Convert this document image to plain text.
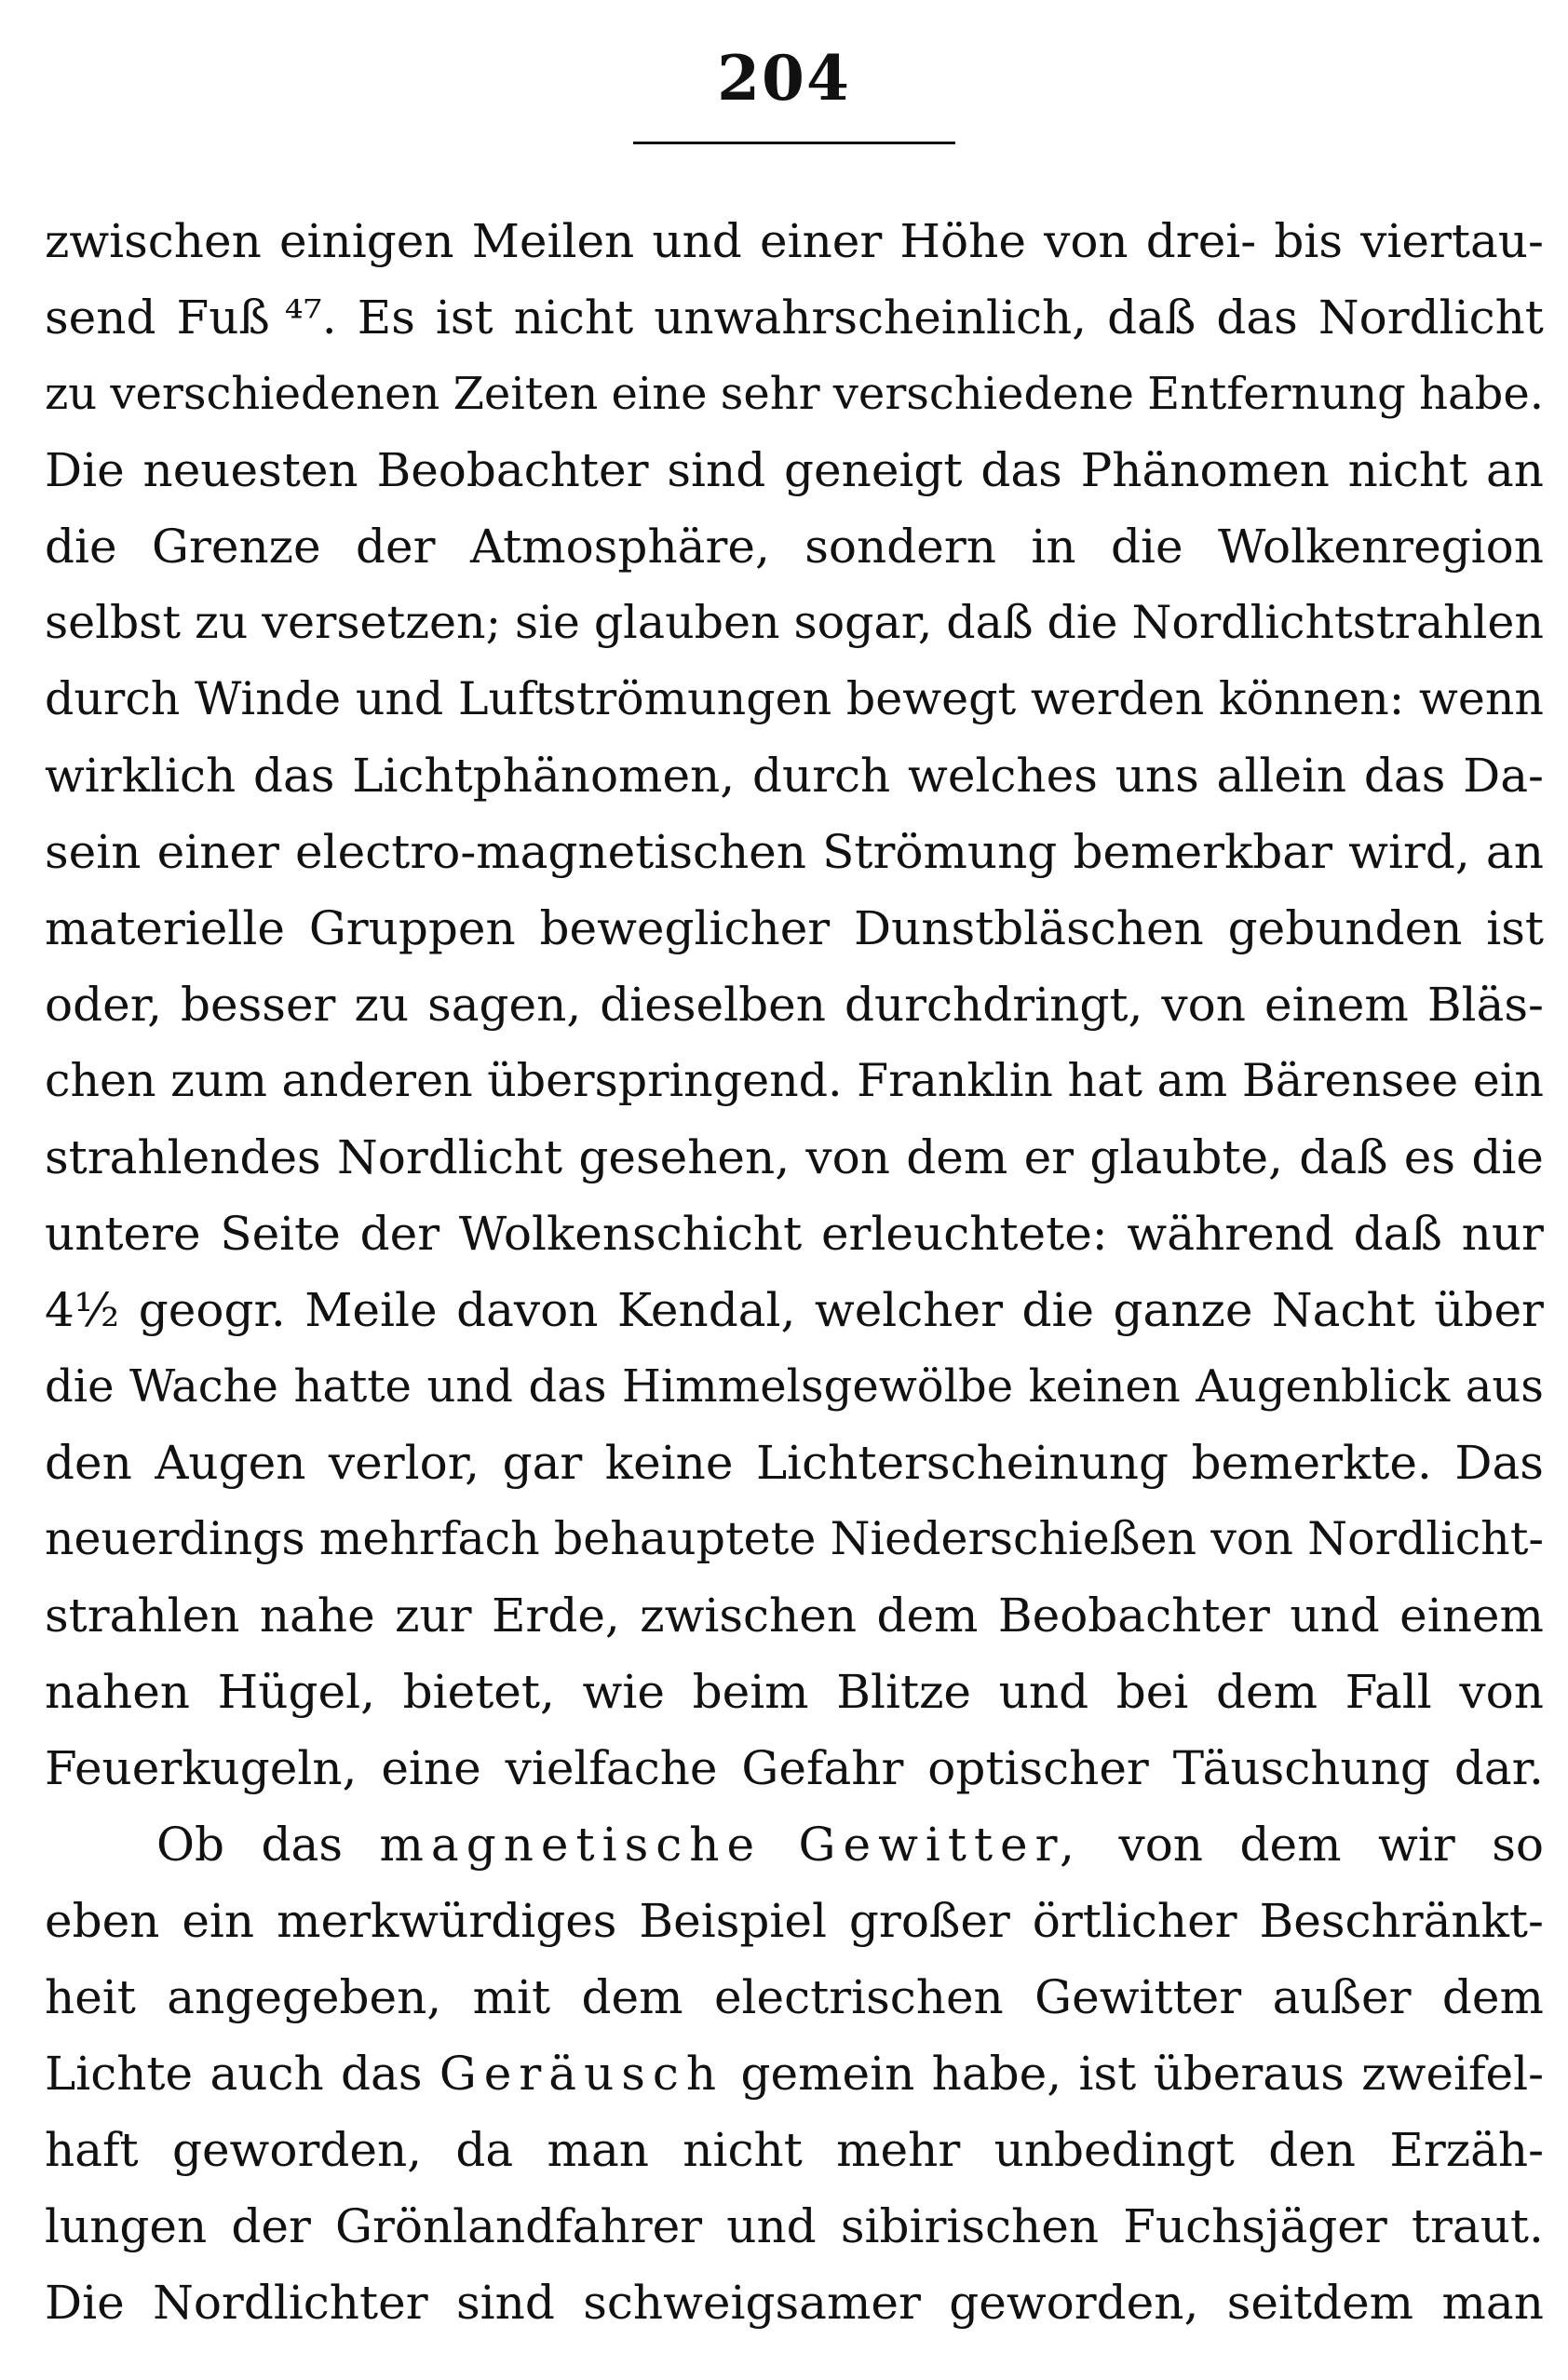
204
zwischen einigen Meilen und einer Höhe von drei- bis viertau-
send Fuß ⁴⁷. Es ist nicht unwahrscheinlich, daß das Nordlicht
zu verschiedenen Zeiten eine sehr verschiedene Entfernung habe.
Die neuesten Beobachter sind geneigt das Phänomen nicht an
die Grenze der Atmosphäre, sondern in die Wolkenregion
selbst zu versetzen; sie glauben sogar, daß die Nordlichtstrahlen
durch Winde und Luftströmungen bewegt werden können: wenn
wirklich das Lichtphänomen, durch welches uns allein das Da-
sein einer electro-magnetischen Strömung bemerkbar wird, an
materielle Gruppen beweglicher Dunstbläschen gebunden ist
oder, besser zu sagen, dieselben durchdringt, von einem Bläs-
chen zum anderen überspringend. Franklin hat am Bärensee ein
strahlendes Nordlicht gesehen, von dem er glaubte, daß es die
untere Seite der Wolkenschicht erleuchtete: während daß nur
4½ geogr. Meile davon Kendal, welcher die ganze Nacht über
die Wache hatte und das Himmelsgewölbe keinen Augenblick aus
den Augen verlor, gar keine Lichterscheinung bemerkte. Das
neuerdings mehrfach behauptete Niederschießen von Nordlicht-
strahlen nahe zur Erde, zwischen dem Beobachter und einem
nahen Hügel, bietet, wie beim Blitze und bei dem Fall von
Feuerkugeln, eine vielfache Gefahr optischer Täuschung dar.
Ob das magnetische Gewitter, von dem wir so
eben ein merkwürdiges Beispiel großer örtlicher Beschränkt-
heit angegeben, mit dem electrischen Gewitter außer dem
Lichte auch das Geräusch gemein habe, ist überaus zweifel-
haft geworden, da man nicht mehr unbedingt den Erzäh-
lungen der Grönlandfahrer und sibirischen Fuchsjäger traut.
Die Nordlichter sind schweigsamer geworden, seitdem man
